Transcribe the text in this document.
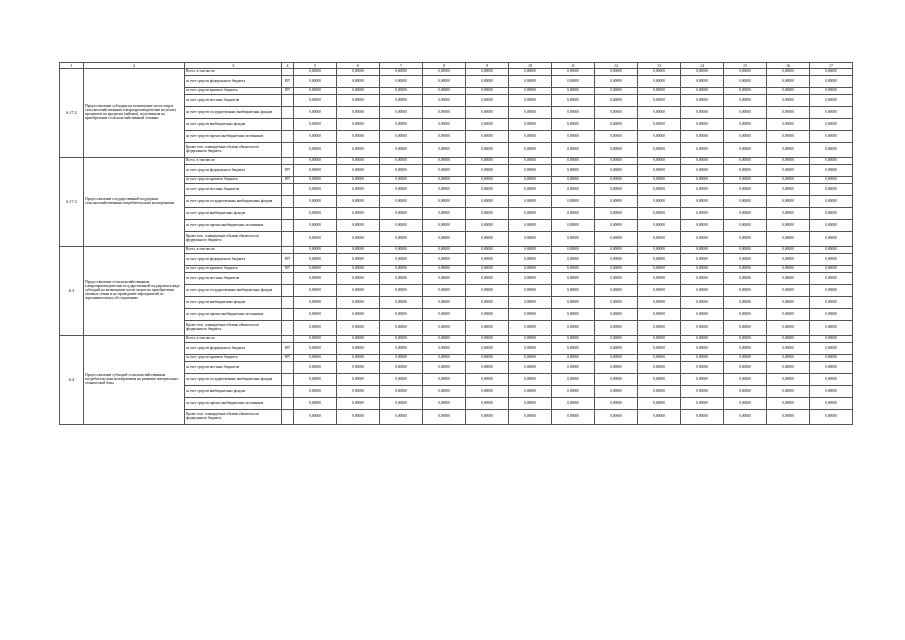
1	2	3	4	5	6	7	8	9	10	11	12	13	14	15	16	17
6.17.2	Предоставление субсидии на возмещение части затрат сельскохозяйственным товаропроизводителям на уплату процентов по кредитам (займам), полученным на приобретение сельскохозяйственной техники	Всего, в том числе:		0,00000	0,00000	0,00000	0,00000	0,00000	0,00000	0,00000	0,00000	0,00000	0,00000	0,00000	0,00000	0,00000
		за счет средств федерального бюджета	897	0,00000	0,00000	0,00000	0,00000	0,00000	0,00000	0,00000	0,00000	0,00000	0,00000	0,00000	0,00000	0,00000
		за счет средств краевого бюджета	897	0,00000	0,00000	0,00000	0,00000	0,00000	0,00000	0,00000	0,00000	0,00000	0,00000	0,00000	0,00000	0,00000
		за счет средств местных бюджетов		0,00000	0,00000	0,00000	0,00000	0,00000	0,00000	0,00000	0,00000	0,00000	0,00000	0,00000	0,00000	0,00000
		за счет средств государственных внебюджетных фондов		0,00000	0,00000	0,00000	0,00000	0,00000	0,00000	0,00000	0,00000	0,00000	0,00000	0,00000	0,00000	0,00000
		за счет средств внебюджетных фондов		0,00000	0,00000	0,00000	0,00000	0,00000	0,00000	0,00000	0,00000	0,00000	0,00000	0,00000	0,00000	0,00000
		за счет средств прочих внебюджетных источников		0,00000	0,00000	0,00000	0,00000	0,00000	0,00000	0,00000	0,00000	0,00000	0,00000	0,00000	0,00000	0,00000
		Кроме того, планируемые объемы обязательств федерального бюджета		0,00000	0,00000	0,00000	0,00000	0,00000	0,00000	0,00000	0,00000	0,00000	0,00000	0,00000	0,00000	0,00000
6.17.3	Предоставление государственной поддержки сельскохозяйственным потребительским кооперативам	Всего, в том числе:		0,00000	0,00000	0,00000	0,00000	0,00000	0,00000	0,00000	0,00000	0,00000	0,00000	0,00000	0,00000	0,00000
		за счет средств федерального бюджета	897	0,00000	0,00000	0,00000	0,00000	0,00000	0,00000	0,00000	0,00000	0,00000	0,00000	0,00000	0,00000	0,00000
		за счет средств краевого бюджета	897	0,00000	0,00000	0,00000	0,00000	0,00000	0,00000	0,00000	0,00000	0,00000	0,00000	0,00000	0,00000	0,00000
		за счет средств местных бюджетов		0,00000	0,00000	0,00000	0,00000	0,00000	0,00000	0,00000	0,00000	0,00000	0,00000	0,00000	0,00000	0,00000
		за счет средств государственных внебюджетных фондов		0,00000	0,00000	0,00000	0,00000	0,00000	0,00000	0,00000	0,00000	0,00000	0,00000	0,00000	0,00000	0,00000
		за счет средств внебюджетных фондов		0,00000	0,00000	0,00000	0,00000	0,00000	0,00000	0,00000	0,00000	0,00000	0,00000	0,00000	0,00000	0,00000
		за счет средств прочих внебюджетных источников		0,00000	0,00000	0,00000	0,00000	0,00000	0,00000	0,00000	0,00000	0,00000	0,00000	0,00000	0,00000	0,00000
		Кроме того, планируемые объемы обязательств федерального бюджета		0,00000	0,00000	0,00000	0,00000	0,00000	0,00000	0,00000	0,00000	0,00000	0,00000	0,00000	0,00000	0,00000
6.3	Предоставление сельскохозяйственным товаропроизводителям государственной поддержки в виде субсидий на возмещение части затрат на приобретение элитных семян и на проведение мероприятий по агрохимическому обследованию	Всего, в том числе:		0,00000	0,00000	0,00000	0,00000	0,00000	0,00000	0,00000	0,00000	0,00000	0,00000	0,00000	0,00000	0,00000
		за счет средств федерального бюджета	897	0,00000	0,00000	0,00000	0,00000	0,00000	0,00000	0,00000	0,00000	0,00000	0,00000	0,00000	0,00000	0,00000
		за счет средств краевого бюджета	897	0,00000	0,00000	0,00000	0,00000	0,00000	0,00000	0,00000	0,00000	0,00000	0,00000	0,00000	0,00000	0,00000
		за счет средств местных бюджетов		0,00000	0,00000	0,00000	0,00000	0,00000	0,00000	0,00000	0,00000	0,00000	0,00000	0,00000	0,00000	0,00000
		за счет средств государственных внебюджетных фондов		0,00000	0,00000	0,00000	0,00000	0,00000	0,00000	0,00000	0,00000	0,00000	0,00000	0,00000	0,00000	0,00000
		за счет средств внебюджетных фондов		0,00000	0,00000	0,00000	0,00000	0,00000	0,00000	0,00000	0,00000	0,00000	0,00000	0,00000	0,00000	0,00000
		за счет средств прочих внебюджетных источников		0,00000	0,00000	0,00000	0,00000	0,00000	0,00000	0,00000	0,00000	0,00000	0,00000	0,00000	0,00000	0,00000
		Кроме того, планируемые объемы обязательств федерального бюджета		0,00000	0,00000	0,00000	0,00000	0,00000	0,00000	0,00000	0,00000	0,00000	0,00000	0,00000	0,00000	0,00000
6.4	Предоставление субсидий сельскохозяйственным потребительским кооперативам на развитие материально-технической базы	Всего, в том числе:		0,00000	0,00000	0,00000	0,00000	0,00000	0,00000	0,00000	0,00000	0,00000	0,00000	0,00000	0,00000	0,00000
		за счет средств федерального бюджета	897	0,00000	0,00000	0,00000	0,00000	0,00000	0,00000	0,00000	0,00000	0,00000	0,00000	0,00000	0,00000	0,00000
		за счет средств краевого бюджета	897	0,00000	0,00000	0,00000	0,00000	0,00000	0,00000	0,00000	0,00000	0,00000	0,00000	0,00000	0,00000	0,00000
		за счет средств местных бюджетов		0,00000	0,00000	0,00000	0,00000	0,00000	0,00000	0,00000	0,00000	0,00000	0,00000	0,00000	0,00000	0,00000
		за счет средств государственных внебюджетных фондов		0,00000	0,00000	0,00000	0,00000	0,00000	0,00000	0,00000	0,00000	0,00000	0,00000	0,00000	0,00000	0,00000
		за счет средств внебюджетных фондов		0,00000	0,00000	0,00000	0,00000	0,00000	0,00000	0,00000	0,00000	0,00000	0,00000	0,00000	0,00000	0,00000
		за счет средств прочих внебюджетных источников		0,00000	0,00000	0,00000	0,00000	0,00000	0,00000	0,00000	0,00000	0,00000	0,00000	0,00000	0,00000	0,00000
		Кроме того, планируемые объемы обязательств федерального бюджета		0,00000	0,00000	0,00000	0,00000	0,00000	0,00000	0,00000	0,00000	0,00000	0,00000	0,00000	0,00000	0,00000
